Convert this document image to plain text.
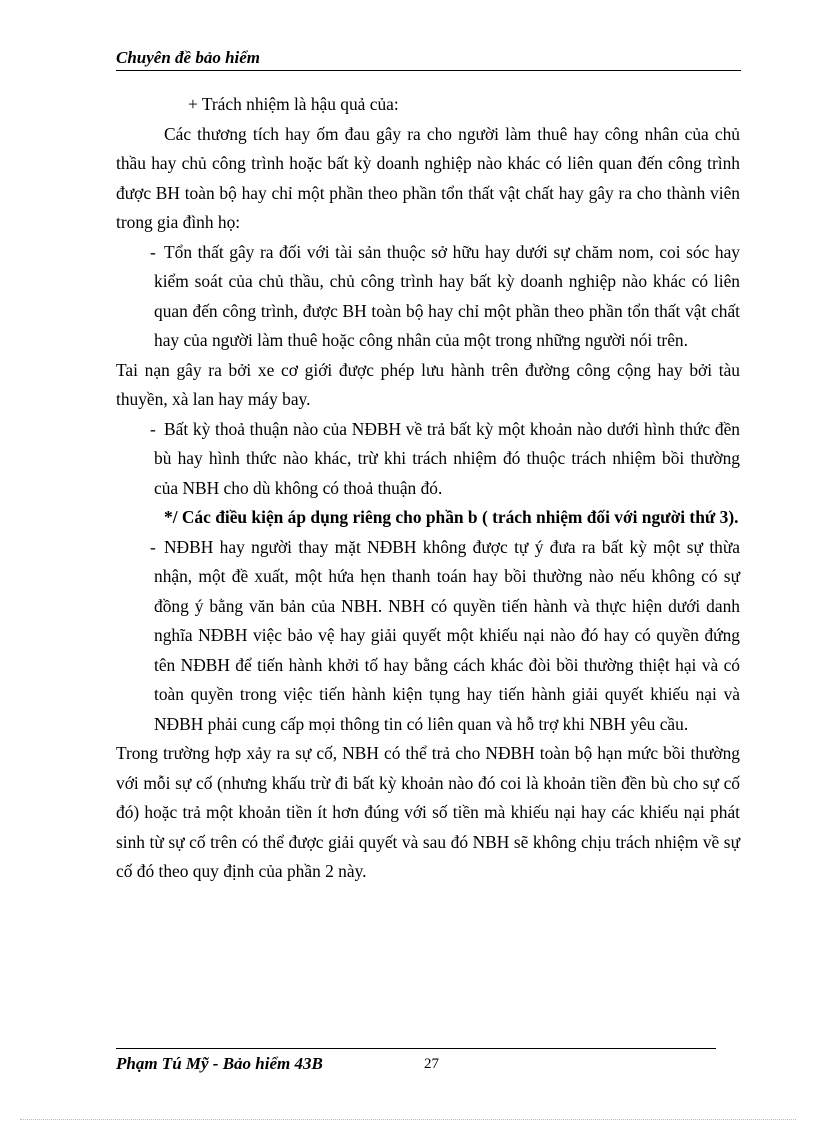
Chuyên đề bảo hiểm

+ Trách nhiệm là hậu quả của:

Các thương tích hay ốm đau gây ra cho người làm thuê hay công nhân của chủ thầu hay chủ công trình hoặc bất kỳ doanh nghiệp nào khác có liên quan đến công trình được BH toàn bộ hay chỉ một phần theo phần tổn thất vật chất hay gây ra cho thành viên trong gia đình họ:

- Tổn thất gây ra đối với tài sản thuộc sở hữu hay dưới sự chăm nom, coi sóc hay kiểm soát của chủ thầu, chủ công trình hay bất kỳ doanh nghiệp nào khác có liên quan đến công trình, được BH toàn bộ hay chỉ một phần theo phần tổn thất vật chất hay của người làm thuê hoặc công nhân của một trong những người nói trên.

Tai nạn gây ra bởi xe cơ giới được phép lưu hành trên đường công cộng hay bởi tàu thuyền, xà lan hay máy bay.

- Bất kỳ thoả thuận nào của NĐBH về trả bất kỳ một khoản nào dưới hình thức đền bù hay hình thức nào khác, trừ khi trách nhiệm đó thuộc trách nhiệm bồi thường của NBH cho dù không có thoả thuận đó.

*/ Các điều kiện áp dụng riêng cho phần b ( trách nhiệm đối với người thứ 3).

- NĐBH hay người thay mặt NĐBH không được tự ý đưa ra bất kỳ một sự thừa nhận, một đề xuất, một hứa hẹn thanh toán hay bồi thường nào nếu không có sự đồng ý bằng văn bản của NBH. NBH có quyền tiến hành và thực hiện dưới danh nghĩa NĐBH việc bảo vệ hay giải quyết một khiếu nại nào đó hay có quyền đứng tên NĐBH để tiến hành khởi tố hay bằng cách khác đòi bồi thường thiệt hại và có toàn quyền trong việc tiến hành kiện tụng hay tiến hành giải quyết khiếu nại và NĐBH phải cung cấp mọi thông tin có liên quan và hỗ trợ khi NBH yêu cầu.

Trong trường hợp xảy ra sự cố, NBH có thể trả cho NĐBH toàn bộ hạn mức bồi thường với mỗi sự cố (nhưng khấu trừ đi bất kỳ khoản nào đó coi là khoản tiền đền bù cho sự cố đó) hoặc trả một khoản tiền ít hơn đúng với số tiền mà khiếu nại hay các khiếu nại phát sinh từ sự cố trên có thể được giải quyết và sau đó NBH sẽ không chịu trách nhiệm về sự cố đó theo quy định của phần 2 này.

Phạm Tú Mỹ - Bảo hiểm 43B	27
